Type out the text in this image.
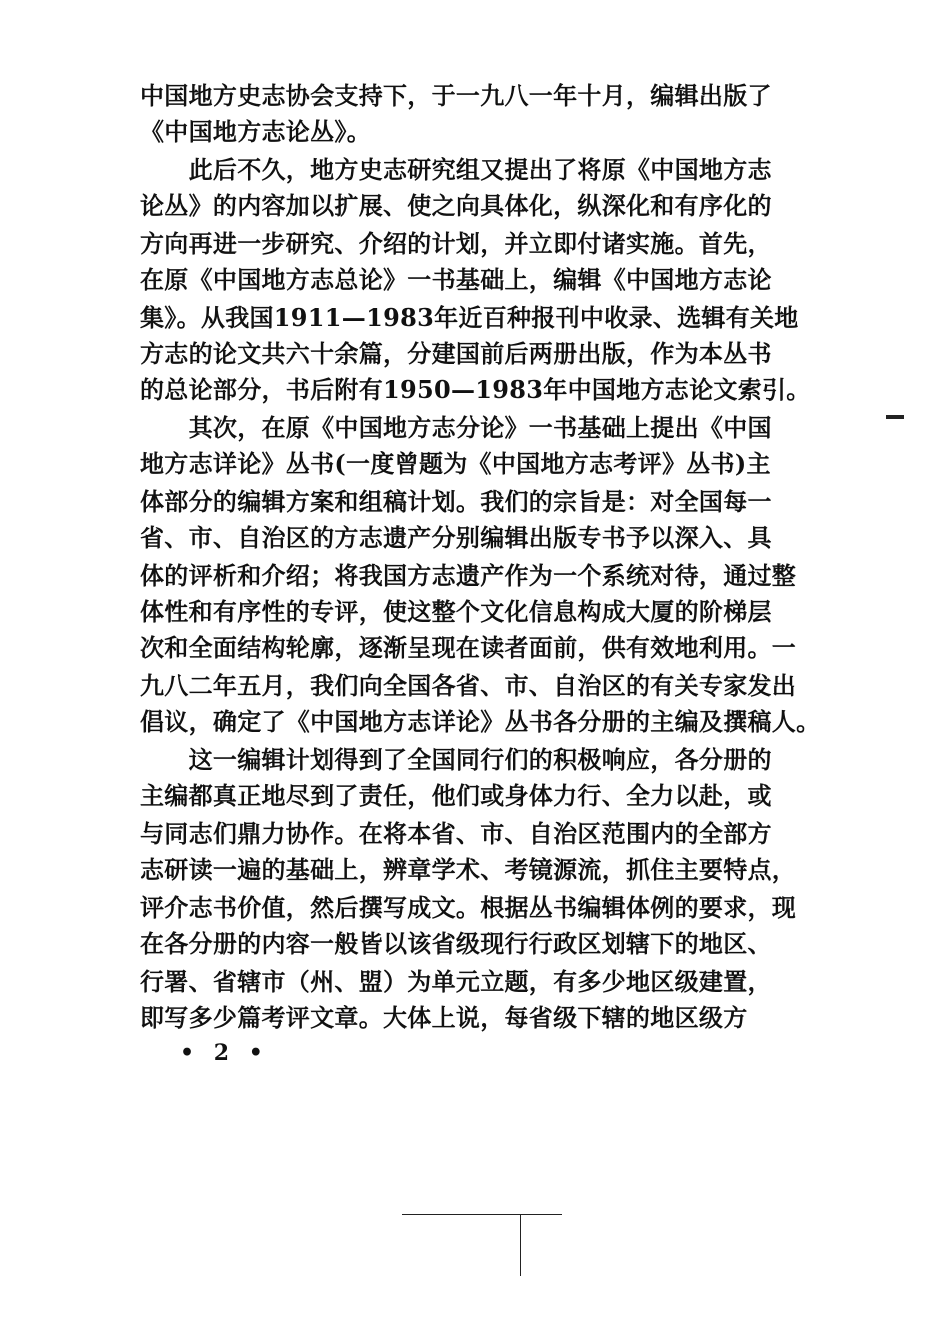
中国地方史志协会支持下，于一九八一年十月，编辑出版了
《中国地方志论丛》。
　　此后不久，地方史志研究组又提出了将原《中国地方志
论丛》的内容加以扩展、使之向具体化，纵深化和有序化的
方向再进一步研究、介绍的计划，并立即付诸实施。首先，
在原《中国地方志总论》一书基础上，编辑《中国地方志论
集》。从我国1911—1983年近百种报刊中收录、选辑有关地
方志的论文共六十余篇，分建国前后两册出版，作为本丛书
的总论部分，书后附有1950—1983年中国地方志论文索引。
　　其次，在原《中国地方志分论》一书基础上提出《中国
地方志详论》丛书(一度曾题为《中国地方志考评》丛书)主
体部分的编辑方案和组稿计划。我们的宗旨是：对全国每一
省、市、自治区的方志遗产分别编辑出版专书予以深入、具
体的评析和介绍；将我国方志遗产作为一个系统对待，通过整
体性和有序性的专评，使这整个文化信息构成大厦的阶梯层
次和全面结构轮廓，逐渐呈现在读者面前，供有效地利用。一
九八二年五月，我们向全国各省、市、自治区的有关专家发出
倡议，确定了《中国地方志详论》丛书各分册的主编及撰稿人。
　　这一编辑计划得到了全国同行们的积极响应，各分册的
主编都真正地尽到了责任，他们或身体力行、全力以赴，或
与同志们鼎力协作。在将本省、市、自治区范围内的全部方
志研读一遍的基础上，辨章学术、考镜源流，抓住主要特点，
评介志书价值，然后撰写成文。根据丛书编辑体例的要求，现
在各分册的内容一般皆以该省级现行行政区划辖下的地区、
行署、省辖市（州、盟）为单元立题，有多少地区级建置，
即写多少篇考评文章。大体上说，每省级下辖的地区级方
• 2 •
